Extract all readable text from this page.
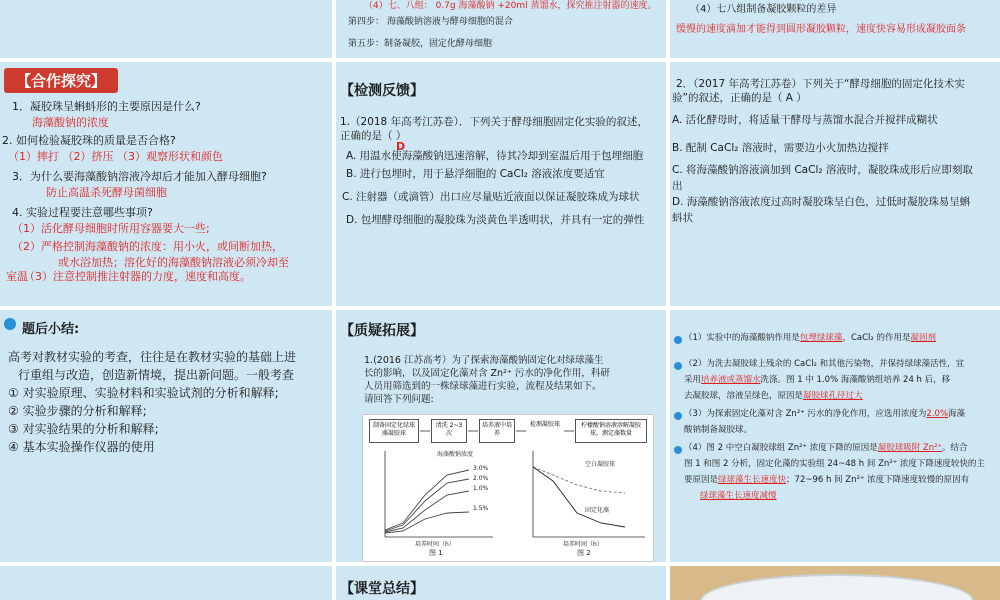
（4）七、八组： 0.7g 海藻酸钠 +20ml 蒸馏水，探究推注射器的速度。
第四步： 海藻酸钠溶液与酵母细胞的混合
第五步：制备凝胶，固定化酵母细胞
（4）七八组制备凝胶颗粒的差异
缓慢的速度滴加才能得到圆形凝胶颗粒，速度快容易形成凝胶面条
【合作探究】
1．凝胶珠呈蝌蚪形的主要原因是什么?
海藻酸钠的浓度
2. 如何检验凝胶珠的质量是否合格?
（1）摔打 （2）挤压 （3）观察形状和颜色
3．为什么要海藻酸钠溶液冷却后才能加入酵母细胞?
防止高温杀死酵母菌细胞
4. 实验过程要注意哪些事项?
（1）活化酵母细胞时所用容器要大一些;
（2）严格控制海藻酸钠的浓度：用小火，或间断加热，
或水浴加热；溶化好的海藻酸钠溶液必须冷却至
室温
（3）注意控制推注射器的力度，速度和高度。
【检测反馈】
1.（2018 年高考江苏卷）．下列关于酵母细胞固定化实验的叙述，
正确的是（ ）
D
A. 用温水使海藻酸钠迅速溶解，待其冷却到室温后用于包埋细胞
B. 进行包埋时，用于悬浮细胞的 CaCl₂ 溶液浓度要适宜
C. 注射器（或滴管）出口应尽量贴近液面以保证凝胶珠成为球状
D. 包埋酵母细胞的凝胶珠为淡黄色半透明状，并具有一定的弹性
2．（2017 年高考江苏卷）下列关于“酵母细胞的固定化技术实
验”的叙述，正确的是（ A ）
A. 活化酵母时，将适量干酵母与蒸馏水混合并搅拌成糊状
B. 配制 CaCl₂ 溶液时，需要边小火加热边搅拌
C. 将海藻酸钠溶液滴加到 CaCl₂ 溶液时，凝胶珠成形后应即刻取
出
D. 海藻酸钠溶液浓度过高时凝胶珠呈白色，过低时凝胶珠易呈蝌
蚪状
题后小结:
高考对教材实验的考查，往往是在教材实验的基础上进
行重组与改造，创造新情境，提出新问题。一般考查
① 对实验原理、实验材料和实验试剂的分析和解释;
② 实验步骤的分析和解释;
③ 对实验结果的分析和解释;
④ 基本实验操作仪器的使用
【质疑拓展】
1.(2016 江苏高考）为了探索海藻酸钠固定化对绿球藻生
长的影响，以及固定化藻对含 Zn²⁺ 污水的净化作用，科研
人员用筛选到的一株绿球藻进行实验，流程及结果如下。
请回答下列问题:
制备固定化绿球藻凝胶球
清洗 2~3 次
培养液中培养
检测凝胶球	柠檬酸钠溶液溶解凝胶球，测定藻数量
海藻酸钠浓度
3.0%
2.0%
1.0%
1.5%
空白凝胶球
固定化藻
培养时间（h）	培养时间（h）
图 1	图 2
（1）实验中的海藻酸钠作用是包埋绿球藻，CaCl₂ 的作用是凝固剂
（2）为洗去凝胶球上残余的 CaCl₂ 和其他污染物，并保持绿球藻活性，宜
采用培养液或蒸馏水洗涤。图 1 中 1.0% 海藻酸钠组培养 24 h 后，移
去凝胶球，溶液呈绿色，原因是凝胶球孔径过大
（3）为探索固定化藻对含 Zn²⁺ 污水的净化作用，应选用浓度为2.0%海藻
酸钠制备凝胶球。
（4）图 2 中空白凝胶球组 Zn²⁺ 浓度下降的原因是凝胶球吸附 Zn²⁺。结合
图 1 和图 2 分析，固定化藻的实验组 24~48 h 间 Zn²⁺ 浓度下降速度较快的主
要原因是绿球藻生长速度快；72~96 h 间 Zn²⁺ 浓度下降速度较慢的原因有
绿球藻生长速度减慢
【课堂总结】
